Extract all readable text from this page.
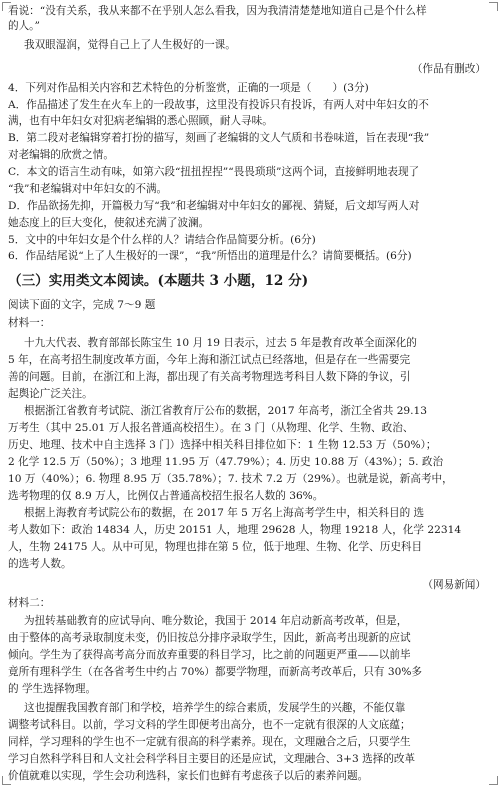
看说：“没有关系，我从来都不在乎别人怎么看我，因为我清清楚楚地知道自己是个什么样
的人。”
我双眼湿润，觉得自己上了人生极好的一课。
（作品有删改）
4．下列对作品相关内容和艺术特色的分析鉴赏，正确的一项是（　　）(3分)
A．作品描述了发生在火车上的一段故事，这里没有投诉只有投诉，有两人对中年妇女的不
满，也有中年妇女对犯病老编辑的悉心照顾，耐人寻味。
B．第二段对老编辑穿着打扮的描写，刻画了老编辑的文人气质和书卷味道，旨在表现“我”
对老编辑的欣赏之情。
C．本文的语言生动有味，如第六段“扭扭捏捏”“畏畏琐琐”这两个词，直接鲜明地表现了
“我”和老编辑对中年妇女的不满。
D．作品欲扬先抑，开篇极力写“我”和老编辑对中年妇女的鄙视、猜疑，后文却写两人对
她态度上的巨大变化，使叙述充满了波澜。
5．文中的中年妇女是个什么样的人？请结合作品简要分析。(6分)
6．作品结尾说“上了人生极好的一课”，“我”所悟出的道理是什么？请简要概括。(6分)
（三）实用类文本阅读。(本题共 3 小题，12 分)
阅读下面的文字，完成 7～9 题
材料一：
十九大代表、教育部部长陈宝生 10 月 19 日表示，过去 5 年是教育改革全面深化的
5 年，在高考招生制度改革方面，今年上海和浙江试点已经落地，但是存在一些需要完
善的问题。目前，在浙江和上海，都出现了有关高考物理选考科目人数下降的争议，引
起舆论广泛关注。
根据浙江省教育考试院、浙江省教育厅公布的数据，2017 年高考，浙江全省共 29.13
万考生（其中 25.01 万人报名普通高校招生）。在 3 门（从物理、化学、生物、政治、
历史、地理、技术中自主选择 3 门）选择中相关科目排位如下：1 生物 12.53 万（50%）；
2 化学 12.5 万（50%）；3 地理 11.95 万（47.79%）；4. 历史 10.88 万（43%）；5. 政治
10 万（40%）；6. 物理 8.95 万（35.78%）；7. 技术 7.2 万（29%）。也就是说，新高考中，
选考物理的仅 8.9 万人，比例仅占普通高校招生报名人数的 36%。
根据上海教育考试院公布的数据，在 2017 年 5 万名上海高考学生中，相关科目的 选
考人数如下：政治 14834 人，历史 20151 人，地理 29628 人，物理 19218 人，化学 22314
人，生物 24175 人。从中可见，物理也排在第 5 位，低于地理、生物、化学、历史科目
的选考人数。
（网易新闻）
材料二：
为扭转基础教育的应试导向、唯分数论，我国于 2014 年启动新高考改革，但是，
由于整体的高考录取制度未变，仍旧按总分排序录取学生，因此，新高考出现新的应试
倾向。学生为了获得高考高分而放弃重要的科目学习，比之前的问题更严重——以前毕
竟所有理科学生（在各省考生中约占 70%）都要学物理，而新高考改革后，只有 30%多
的 学生选择物理。
这也提醒我国教育部门和学校，培养学生的综合素质，发展学生的兴趣，不能仅靠
调整考试科目。以前，学习文科的学生即便考出高分，也不一定就有很深的人文底蕴；
同样，学习理科的学生也不一定就有很高的科学素养。现在，文理融合之后，只要学生
学习自然科学科目和人文社会科学科目主要目的还是应试，文理融合、3+3 选择的改革
价值就难以实现，学生会功利选科，家长们也鲜有考虑孩子以后的素养问题。
